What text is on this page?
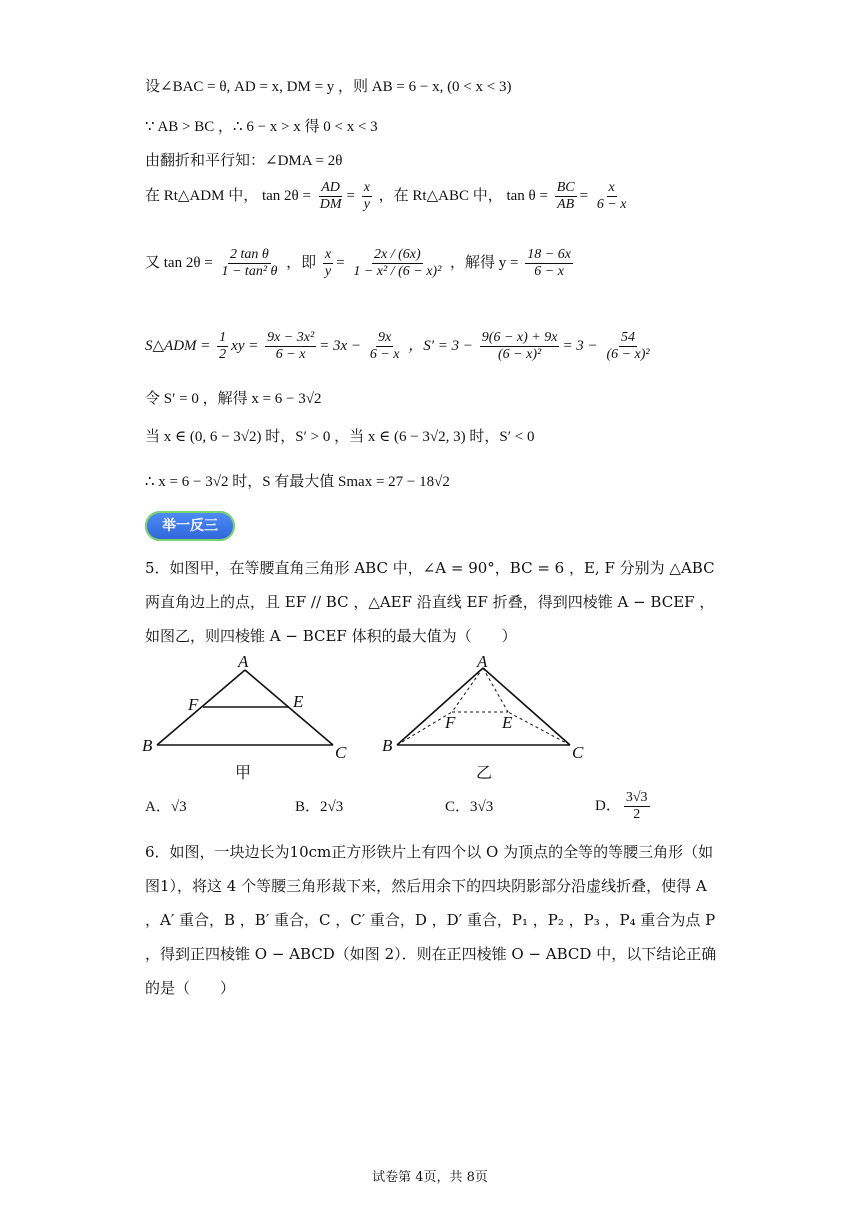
设∠BAC = θ, AD = x, DM = y ，则 AB = 6 − x, (0 < x < 3)
∵ AB > BC ，∴ 6 − x > x 得 0 < x < 3
由翻折和平行知：∠DMA = 2θ
在 Rt△ADM 中， $\tan 2\theta = \frac{AD}{DM} = \frac{x}{y}$ ，在 Rt△ABC 中， $\tan \theta = \frac{BC}{AB} = \frac{x}{6 - x}$
又 $\tan 2\theta = \frac{\text{2 tan θ}}{\text{1 − tan² θ}}$ ，即 $\frac{x}{y} = \frac{2x / (6x)}{\text{1 − x² / (6 − x)²}}$ ，解得 $y = \frac{18 - 6x}{6 - x}$
S△ADM = $\frac{1}{2}$ xy = $\frac{\text{9x − 3x²}}{6 - x} = 3x - \frac{9x}{6 - x}$ ，$S' = 3 - \frac{9(6 - x) + 9x}{\text{(6 − x)²}} = 3 - \frac{54}{\text{(6 − x)²}}$
令 S′ = 0 ，解得 x = 6 − 3√2
当 x ∈ (0, 6 − 3√2) 时，S′ > 0 ，当 x ∈ (6 − 3√2, 3) 时，S′ < 0
∴ x = 6 − 3√2 时，S 有最大值 Smax = 27 − 18√2
举一反三
5．如图甲，在等腰直角三角形 ABC 中，∠A = 90°，BC = 6 ，E, F 分别为 △ABC 两直角边上的点，且 EF // BC ，△AEF 沿直线 EF 折叠，得到四棱锥 A − BCEF ，如图乙，则四棱锥 A − BCEF 体积的最大值为（　　）
A
F	E
B	C
甲
A
F	E
B	C
乙
A．√3	B．2√3	C．3√3	D． $\frac{3√3}{2}$
6．如图，一块边长为10cm正方形铁片上有四个以 O 为顶点的全等的等腰三角形（如图1），将这 4 个等腰三角形裁下来，然后用余下的四块阴影部分沿虚线折叠，使得 A ，A′ 重合，B ，B′ 重合，C ，C′ 重合，D ，D′ 重合，P₁ ，P₂ ，P₃ ，P₄ 重合为点 P ，得到正四棱锥 O − ABCD（如图 2）．则在正四棱锥 O − ABCD 中，以下结论正确的是（　　）
试卷第 4页，共 8页
